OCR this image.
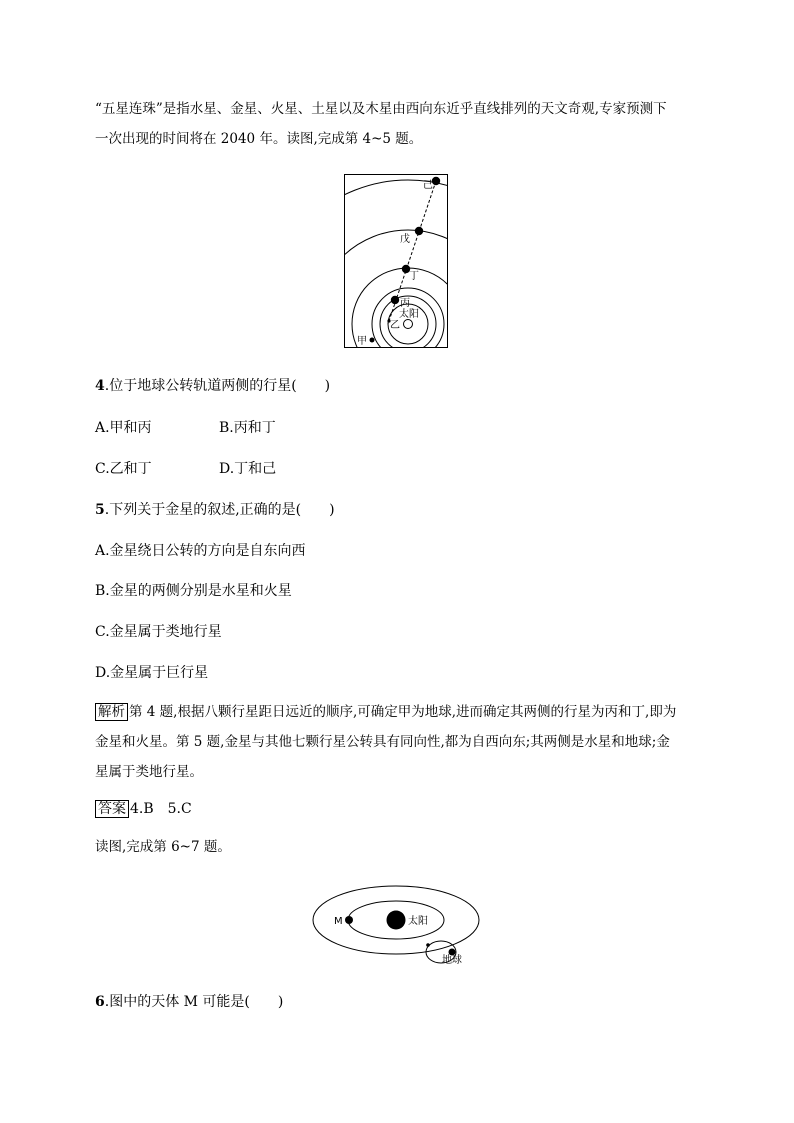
“五星连珠”是指水星、金星、火星、土星以及木星由西向东近乎直线排列的天文奇观,专家预测下
一次出现的时间将在 2040 年。读图,完成第 4~5 题。
己
戊
丁
丙
太阳
乙
甲
4.位于地球公转轨道两侧的行星(　　)
A.甲和丙	B.丙和丁
C.乙和丁	D.丁和己
5.下列关于金星的叙述,正确的是(　　)
A.金星绕日公转的方向是自东向西
B.金星的两侧分别是水星和火星
C.金星属于类地行星
D.金星属于巨行星
解析 第 4 题,根据八颗行星距日远近的顺序,可确定甲为地球,进而确定其两侧的行星为丙和丁,即为
金星和火星。第 5 题,金星与其他七颗行星公转具有同向性,都为自西向东;其两侧是水星和地球;金
星属于类地行星。
答案 4.B　5.C
读图,完成第 6~7 题。
M	太阳
地球
6.图中的天体 M 可能是(　　)
